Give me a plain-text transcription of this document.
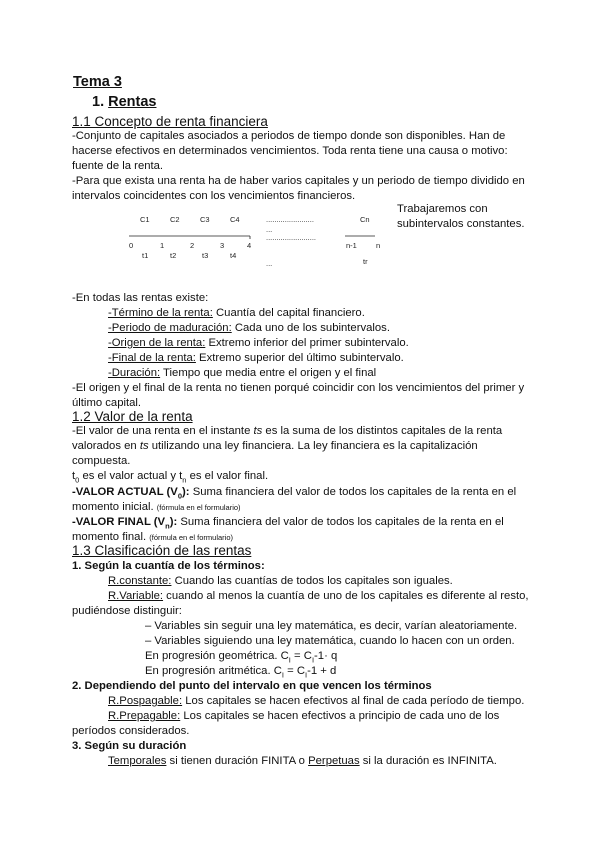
Tema 3
1. Rentas
1.1 Concepto de renta financiera
-Conjunto de capitales asociados a periodos de tiempo donde son disponibles. Han de
hacerse efectivos en determinados vencimientos. Toda renta tiene una causa o motivo:
fuente de la renta.
-Para que exista una renta ha de haber varios capitales y un periodo de tiempo dividido en
intervalos coincidentes con los vencimientos financieros.
C1	C2	C3	C4	.......................	Cn
...
........................
0	1	2	3	4	n-1	n
t1	t2	t3	t4
...	tr
Trabajaremos con subintervalos constantes.
-En todas las rentas existe:
-Término de la renta: Cuantía del capital financiero.
-Periodo de maduración: Cada uno de los subintervalos.
-Origen de la renta: Extremo inferior del primer subintervalo.
-Final de la renta: Extremo superior del último subintervalo.
-Duración: Tiempo que media entre el origen y el final
-El origen y el final de la renta no tienen porqué coincidir con los vencimientos del primer y
último capital.
1.2 Valor de la renta
-El valor de una renta en el instante ts es la suma de los distintos capitales de la renta
valorados en ts utilizando una ley financiera. La ley financiera es la capitalización
compuesta.
$t_0$ es el valor actual y $t_n$ es el valor final.
-VALOR ACTUAL $(V_0)$: Suma financiera del valor de todos los capitales de la renta en el
momento inicial. (fórmula en el formulario)
-VALOR FINAL $(V_n)$: Suma financiera del valor de todos los capitales de la renta en el
momento final. (fórmula en el formulario)
1.3 Clasificación de las rentas
1. Según la cuantía de los términos:
R.constante: Cuando las cuantías de todos los capitales son iguales.
R.Variable: cuando al menos la cuantía de uno de los capitales es diferente al resto,
pudiéndose distinguir:
– Variables sin seguir una ley matemática, es decir, varían aleatoriamente.
– Variables siguiendo una ley matemática, cuando lo hacen con un orden.
En progresión geométrica. $C_I = C_I-1\cdot q$
En progresión aritmética. $C_I = C_I-1 + d$
2. Dependiendo del punto del intervalo en que vencen los términos
R.Pospagable: Los capitales se hacen efectivos al final de cada período de tiempo.
R.Prepagable: Los capitales se hacen efectivos a principio de cada uno de los
períodos considerados.
3. Según su duración
Temporales si tienen duración FINITA o Perpetuas si la duración es INFINITA.
